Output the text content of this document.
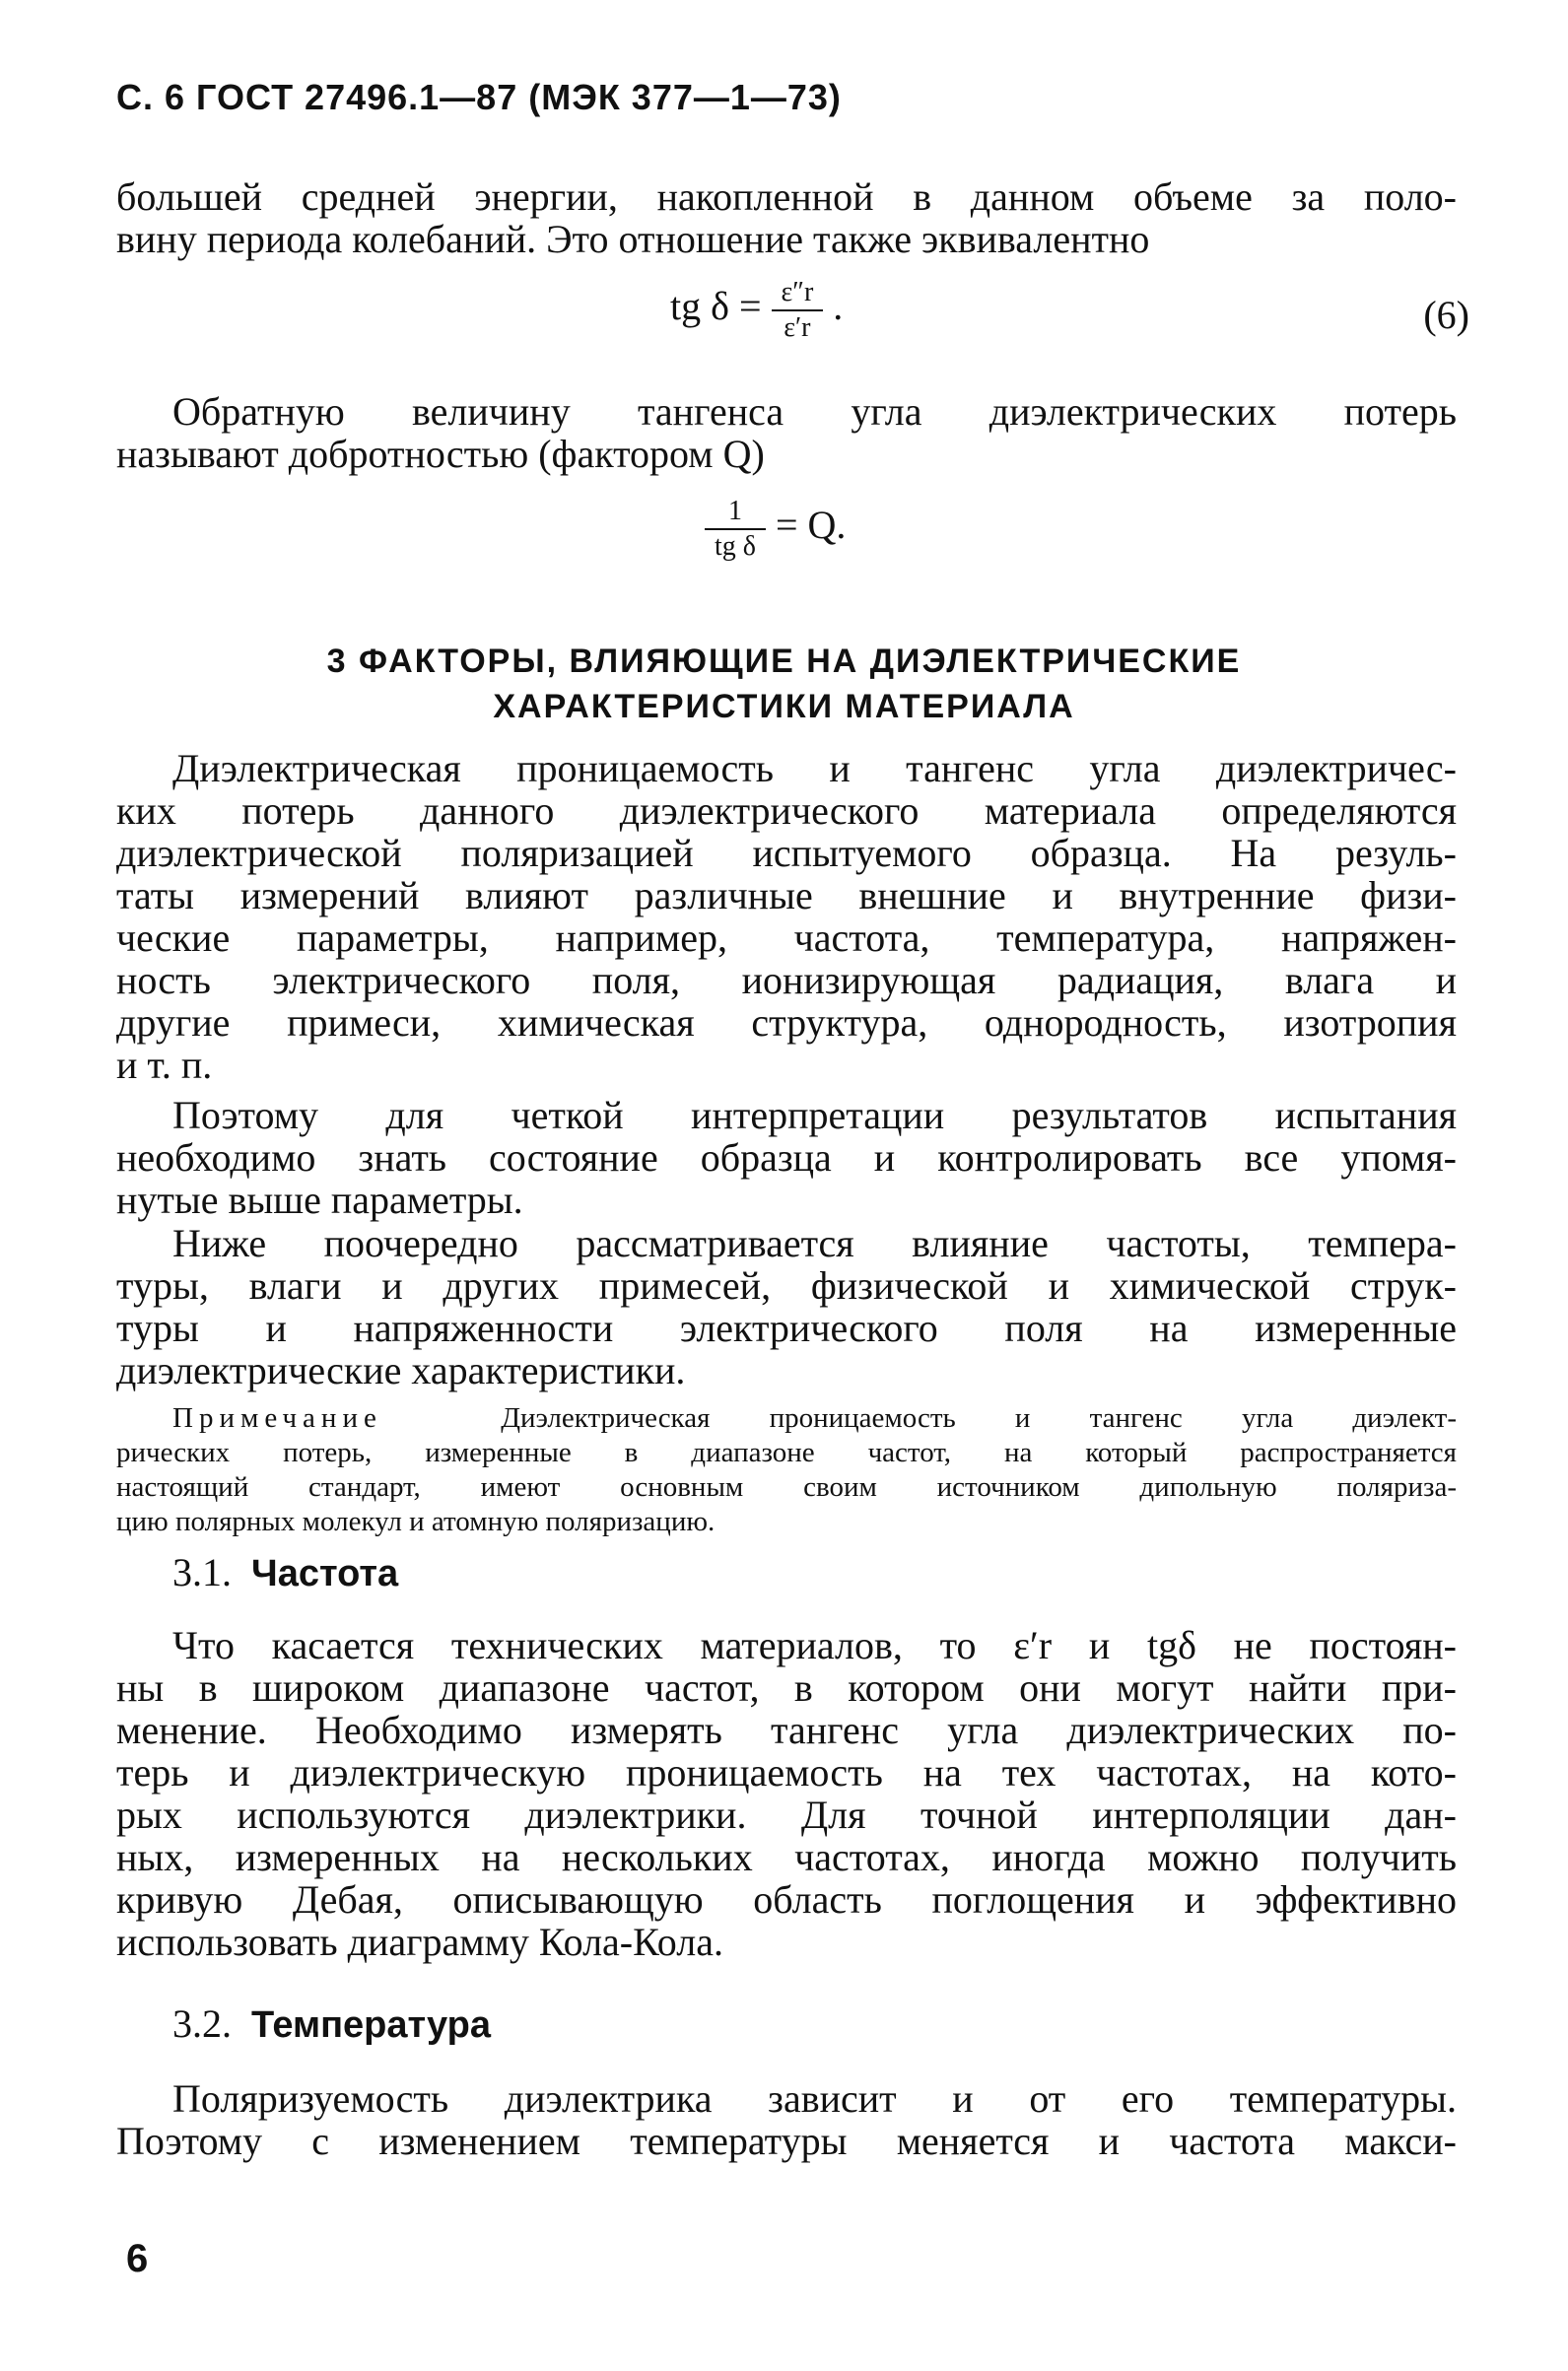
С. 6 ГОСТ 27496.1—87 (МЭК 377—1—73)
большей средней энергии, накопленной в данном объеме за поло-
вину периода колебаний. Это отношение также эквивалентно
tg $\delta = \frac{\varepsilon''r}{\varepsilon'r}$ .	(6)
Обратную величину тангенса угла диэлектрических потерь
называют добротностью (фактором Q)
$\frac{1}{\text{tg δ}} = Q$.
3 ФАКТОРЫ, ВЛИЯЮЩИЕ НА ДИЭЛЕКТРИЧЕСКИЕ
ХАРАКТЕРИСТИКИ МАТЕРИАЛА
Диэлектрическая проницаемость и тангенс угла диэлектричес-
ких потерь данного диэлектрического материала определяются
диэлектрической поляризацией испытуемого образца. На резуль-
таты измерений влияют различные внешние и внутренние физи-
ческие параметры, например, частота, температура, напряжен-
ность электрического поля, ионизирующая радиация, влага и
другие примеси, химическая структура, однородность, изотропия
и т. п.
Поэтому для четкой интерпретации результатов испытания
необходимо знать состояние образца и контролировать все упомя-
нутые выше параметры.
Ниже поочередно рассматривается влияние частоты, темпера-
туры, влаги и других примесей, физической и химической струк-
туры и напряженности электрического поля на измеренные
диэлектрические характеристики.
Примечание	Диэлектрическая проницаемость и тангенс угла диэлект-
рических потерь, измеренные в диапазоне частот, на который распространяется
настоящий стандарт, имеют основным своим источником дипольную поляриза-
цию полярных молекул и атомную поляризацию.
3.1. Частота
Что касается технических материалов, то ε′r и tgδ не постоян-
ны в широком диапазоне частот, в котором они могут найти при-
менение. Необходимо измерять тангенс угла диэлектрических по-
терь и диэлектрическую проницаемость на тех частотах, на кото-
рых используются диэлектрики. Для точной интерполяции дан-
ных, измеренных на нескольких частотах, иногда можно получить
кривую Дебая, описывающую область поглощения и эффективно
использовать диаграмму Кола-Кола.
3.2. Температура
Поляризуемость диэлектрика зависит и от его температуры.
Поэтому с изменением температуры меняется и частота макси-
6
